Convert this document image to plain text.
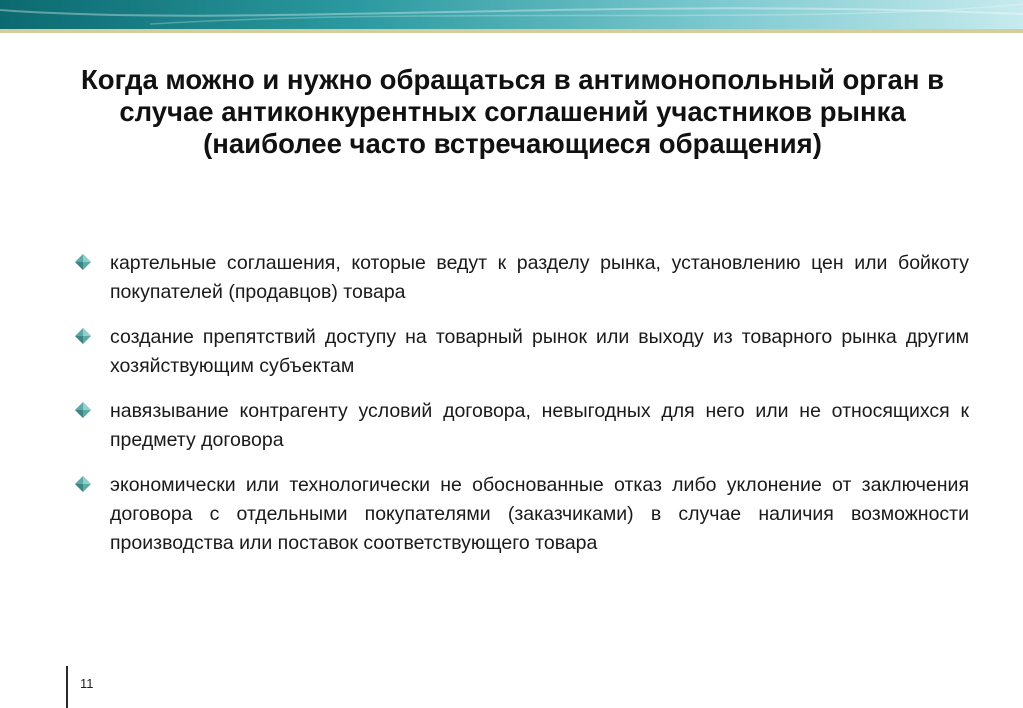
Когда можно и нужно обращаться в антимонопольный орган в случае антиконкурентных соглашений участников рынка (наиболее часто встречающиеся обращения)
картельные соглашения, которые ведут к разделу рынка, установлению цен или бойкоту покупателей (продавцов) товара
создание препятствий доступу на товарный рынок или выходу из товарного рынка другим хозяйствующим субъектам
навязывание контрагенту условий договора, невыгодных для него или не относящихся к предмету договора
экономически или технологически не обоснованные отказ либо уклонение от заключения договора с отдельными покупателями (заказчиками) в случае наличия возможности производства или поставок соответствующего товара
11
